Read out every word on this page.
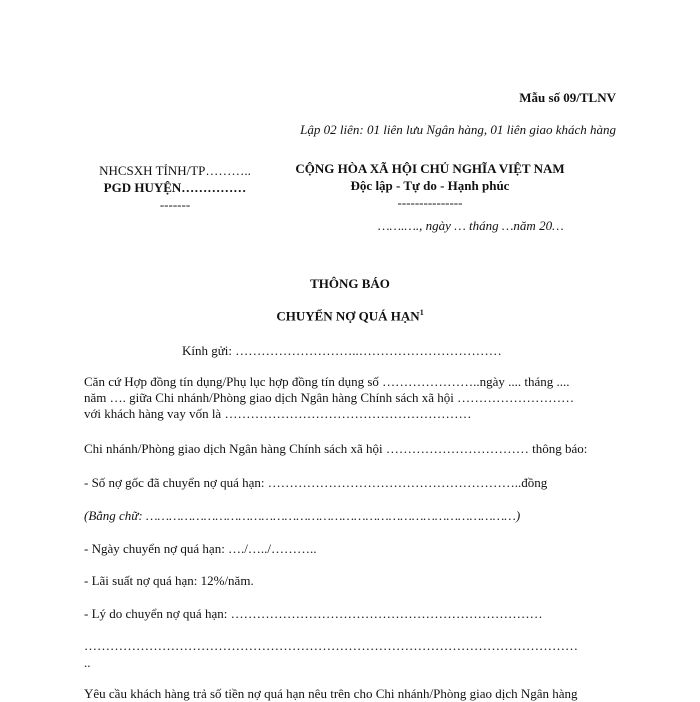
Mẫu số 09/TLNV
Lập 02 liên: 01 liên lưu Ngân hàng, 01 liên giao khách hàng
NHCSXH TỈNH/TP………..
PGD HUYỆN……………
-------
CỘNG HÒA XÃ HỘI CHỦ NGHĨA VIỆT NAM
Độc lập - Tự do - Hạnh phúc
---------------
…….…., ngày … tháng …năm 20…
THÔNG BÁO
CHUYỂN NỢ QUÁ HẠN$^1$
Kính gửi: ………………………..……………………………
Căn cứ Hợp đồng tín dụng/Phụ lục hợp đồng tín dụng số …………………..ngày .... tháng ....
năm …. giữa Chi nhánh/Phòng giao dịch Ngân hàng Chính sách xã hội ………………………
với khách hàng vay vốn là …………………………………………………
Chi nhánh/Phòng giao dịch Ngân hàng Chính sách xã hội …………………………… thông báo:
- Số nợ gốc đã chuyển nợ quá hạn: …………………………………………………..đồng
(Bằng chữ: ……………………………………………………………………………………)
- Ngày chuyển nợ quá hạn: …./…../………..
- Lãi suất nợ quá hạn: 12%/năm.
- Lý do chuyển nợ quá hạn: ………………………………………………………………
……………………………………………………………………………………………………
..
Yêu cầu khách hàng trả số tiền nợ quá hạn nêu trên cho Chi nhánh/Phòng giao dịch Ngân hàng
